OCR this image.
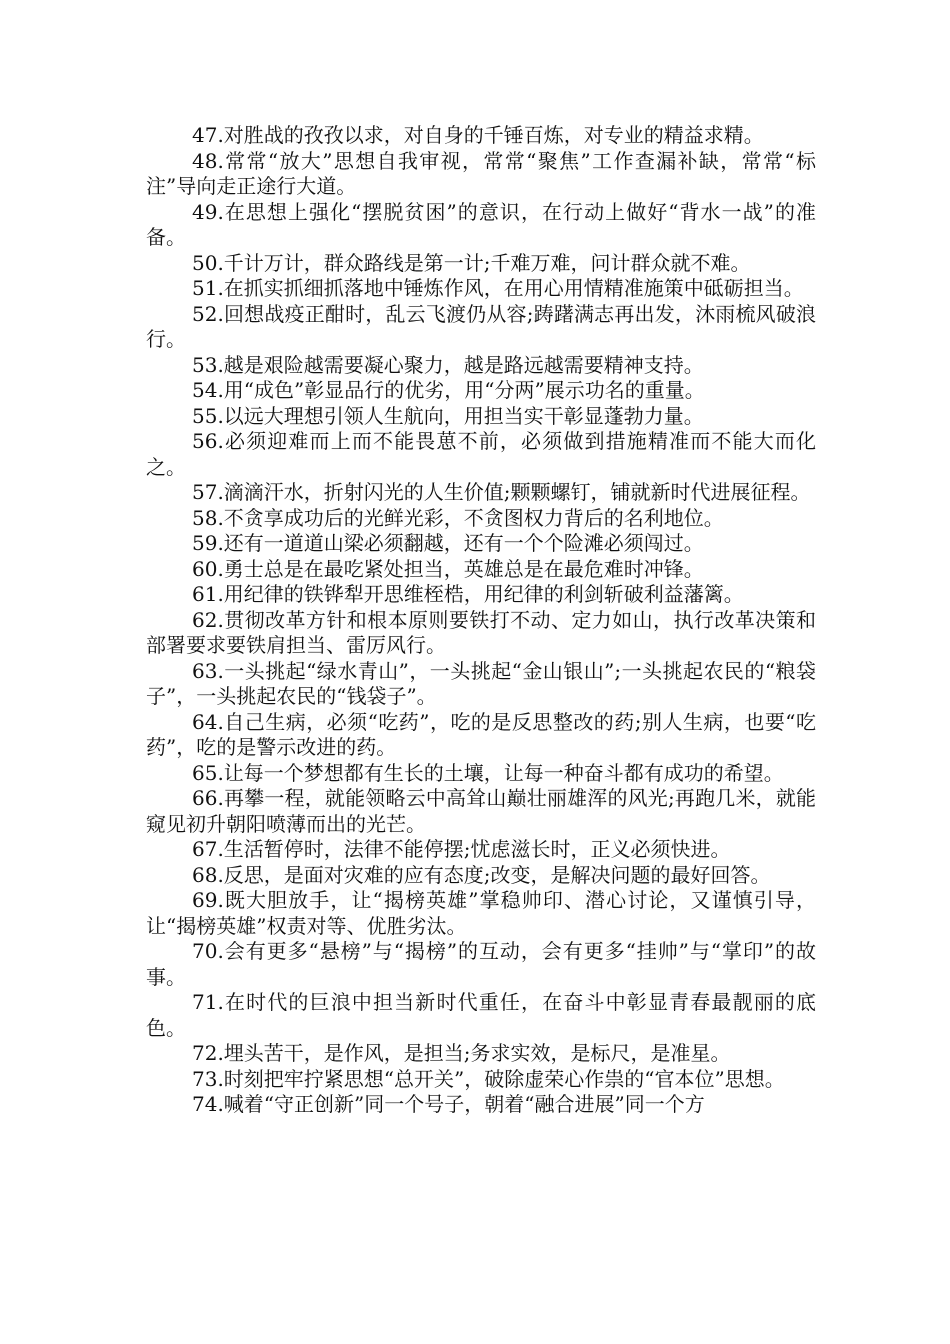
47.对胜战的孜孜以求，对自身的千锤百炼，对专业的精益求精。

48.常常“放大”思想自我审视，常常“聚焦”工作查漏补缺，常常“标注”导向走正途行大道。

49.在思想上强化“摆脱贫困”的意识，在行动上做好“背水一战”的准备。

50.千计万计，群众路线是第一计;千难万难，问计群众就不难。

51.在抓实抓细抓落地中锤炼作风，在用心用情精准施策中砥砺担当。

52.回想战疫正酣时，乱云飞渡仍从容;踌躇满志再出发，沐雨梳风破浪行。

53.越是艰险越需要凝心聚力，越是路远越需要精神支持。

54.用“成色”彰显品行的优劣，用“分两”展示功名的重量。

55.以远大理想引领人生航向，用担当实干彰显蓬勃力量。

56.必须迎难而上而不能畏葸不前，必须做到措施精准而不能大而化之。

57.滴滴汗水，折射闪光的人生价值;颗颗螺钉，铺就新时代进展征程。

58.不贪享成功后的光鲜光彩，不贪图权力背后的名利地位。

59.还有一道道山梁必须翻越，还有一个个险滩必须闯过。

60.勇士总是在最吃紧处担当，英雄总是在最危难时冲锋。

61.用纪律的铁铧犁开思维桎梏，用纪律的利剑斩破利益藩篱。

62.贯彻改革方针和根本原则要铁打不动、定力如山，执行改革决策和部署要求要铁肩担当、雷厉风行。

63.一头挑起“绿水青山”，一头挑起“金山银山”;一头挑起农民的“粮袋子”，一头挑起农民的“钱袋子”。

64.自己生病，必须“吃药”，吃的是反思整改的药;别人生病，也要“吃药”，吃的是警示改进的药。

65.让每一个梦想都有生长的土壤，让每一种奋斗都有成功的希望。

66.再攀一程，就能领略云中高耸山巅壮丽雄浑的风光;再跑几米，就能窥见初升朝阳喷薄而出的光芒。

67.生活暂停时，法律不能停摆;忧虑滋长时，正义必须快进。

68.反思，是面对灾难的应有态度;改变，是解决问题的最好回答。

69.既大胆放手，让“揭榜英雄”掌稳帅印、潜心讨论，又谨慎引导，让“揭榜英雄”权责对等、优胜劣汰。

70.会有更多“悬榜”与“揭榜”的互动，会有更多“挂帅”与“掌印”的故事。

71.在时代的巨浪中担当新时代重任，在奋斗中彰显青春最靓丽的底色。

72.埋头苦干，是作风，是担当;务求实效，是标尺，是准星。

73.时刻把牢拧紧思想“总开关”，破除虚荣心作祟的“官本位”思想。

74.喊着“守正创新”同一个号子，朝着“融合进展”同一个方
